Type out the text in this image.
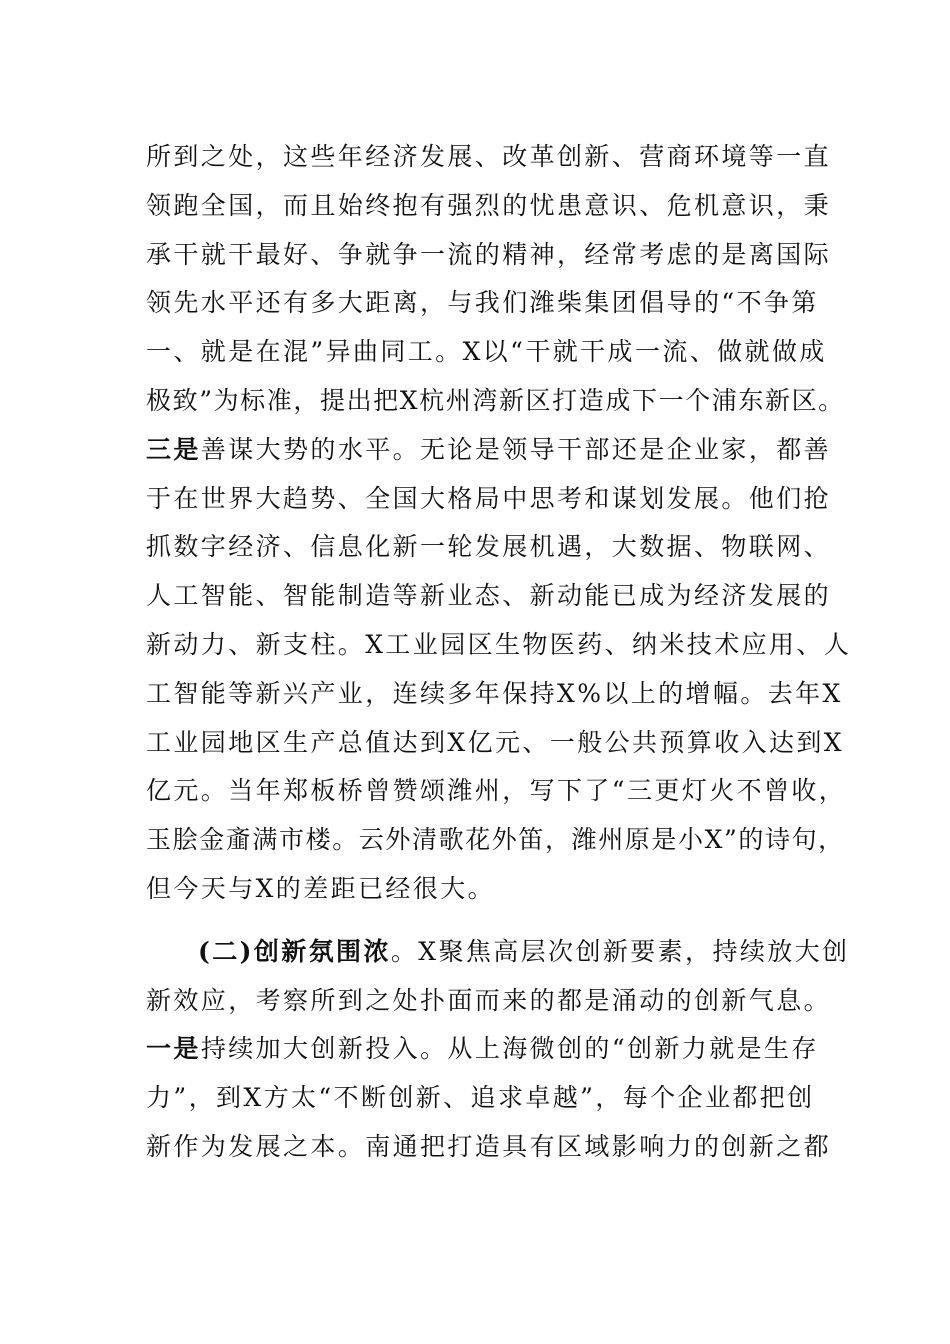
所到之处，这些年经济发展、改革创新、营商环境等一直
领跑全国，而且始终抱有强烈的忧患意识、危机意识，秉
承干就干最好、争就争一流的精神，经常考虑的是离国际
领先水平还有多大距离，与我们潍柴集团倡导的“不争第
一、就是在混”异曲同工。X以“干就干成一流、做就做成
极致”为标准，提出把X杭州湾新区打造成下一个浦东新区。
三是善谋大势的水平。无论是领导干部还是企业家，都善
于在世界大趋势、全国大格局中思考和谋划发展。他们抢
抓数字经济、信息化新一轮发展机遇，大数据、物联网、
人工智能、智能制造等新业态、新动能已成为经济发展的
新动力、新支柱。X工业园区生物医药、纳米技术应用、人
工智能等新兴产业，连续多年保持X%以上的增幅。去年X
工业园地区生产总值达到X亿元、一般公共预算收入达到X
亿元。当年郑板桥曾赞颂潍州，写下了“三更灯火不曾收，
玉脍金齑满市楼。云外清歌花外笛，潍州原是小X”的诗句，
但今天与X的差距已经很大。
(二)创新氛围浓。X聚焦高层次创新要素，持续放大创
新效应，考察所到之处扑面而来的都是涌动的创新气息。
一是持续加大创新投入。从上海微创的“创新力就是生存
力”，到X方太“不断创新、追求卓越”，每个企业都把创
新作为发展之本。南通把打造具有区域影响力的创新之都
